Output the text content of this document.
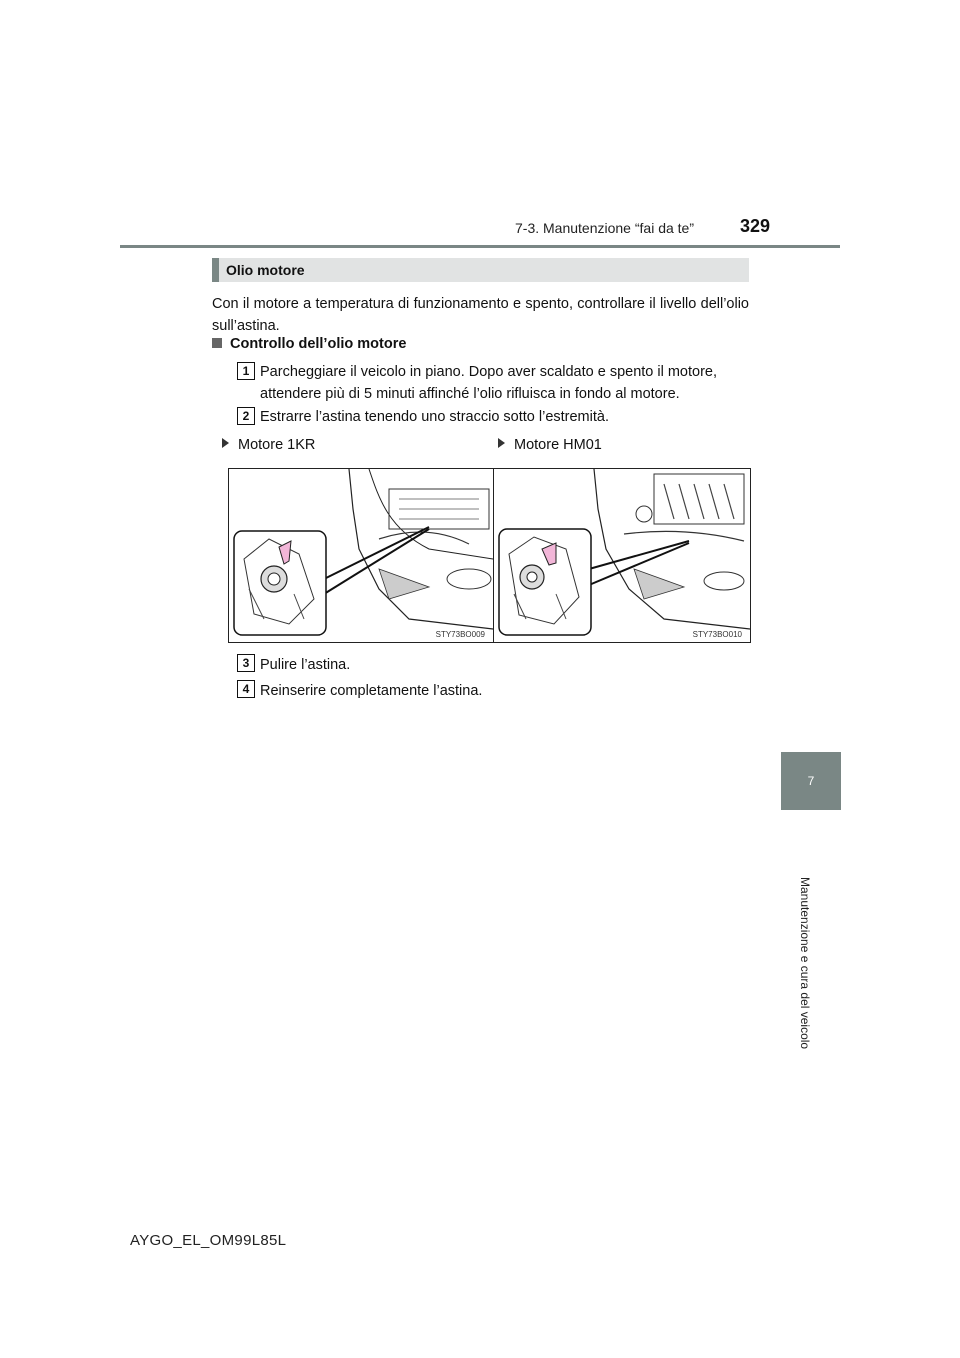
7-3. Manutenzione “fai da te”	329
7
Manutenzione e cura del veicolo
Olio motore
Con il motore a temperatura di funzionamento e spento, controllare il livello dell’olio sull’astina.
Controllo dell’olio motore
1 Parcheggiare il veicolo in piano. Dopo aver scaldato e spento il motore, attendere più di 5 minuti affinché l’olio rifluisca in fondo al motore.
2 Estrarre l’astina tenendo uno straccio sotto l’estremità.
Motore 1KR	Motore HM01
STY73BO009	STY73BO010
3 Pulire l’astina.
4 Reinserire completamente l’astina.
AYGO_EL_OM99L85L
